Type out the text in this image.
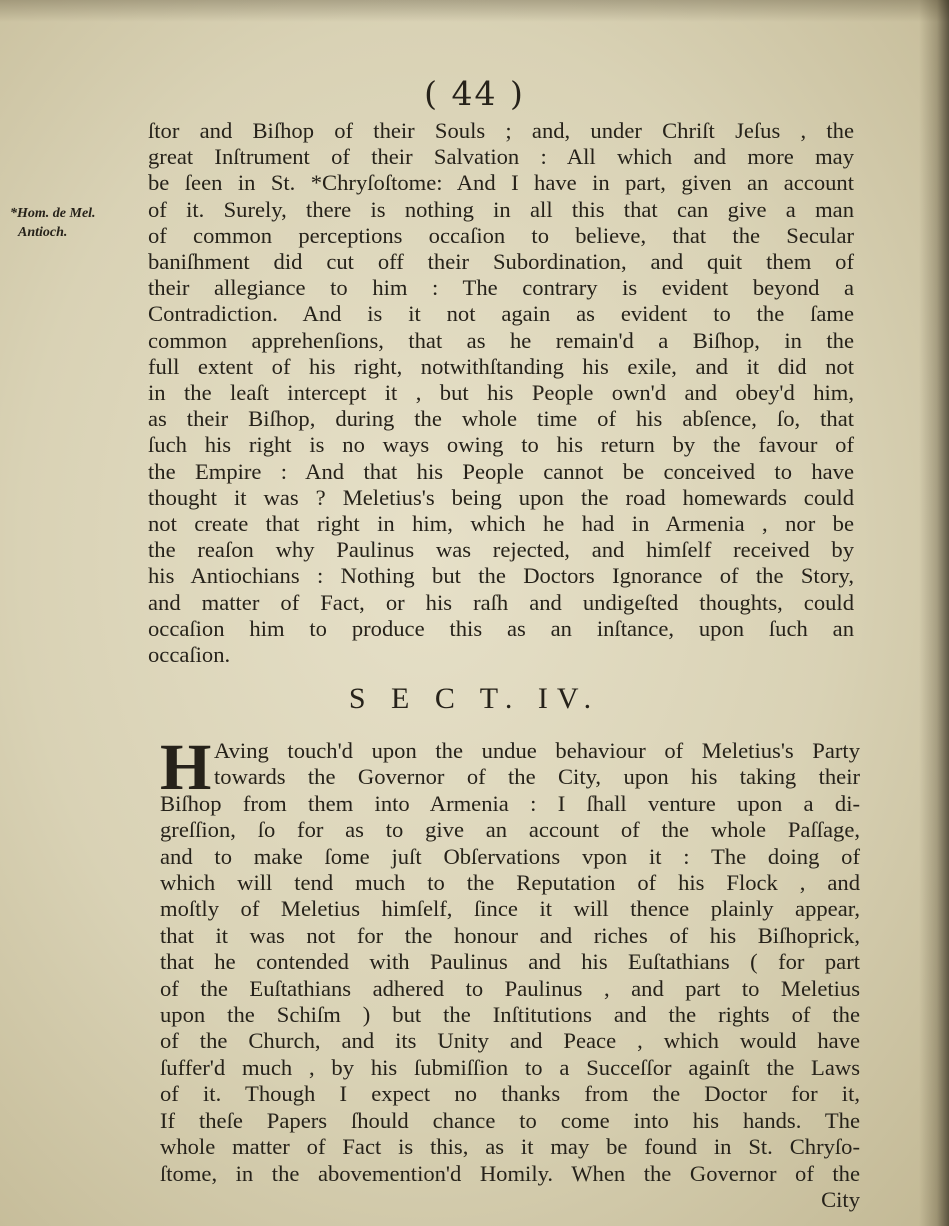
( 44 )
*Hom. de Mel.
Antioch.
ſtor and Biſhop of their Souls ; and, under Chriſt Jeſus , the
great Inſtrument of their Salvation : All which and more may
be ſeen in St. *Chryſoſtome: And I have in part, given an account
of it. Surely, there is nothing in all this that can give a man
of common perceptions occaſion to believe, that the Secular
baniſhment did cut off their Subordination, and quit them of
their allegiance to him : The contrary is evident beyond a
Contradiction. And is it not again as evident to the ſame
common apprehenſions, that as he remain'd a Biſhop, in the
full extent of his right, notwithſtanding his exile, and it did not
in the leaſt intercept it , but his People own'd and obey'd him,
as their Biſhop, during the whole time of his abſence, ſo, that
ſuch his right is no ways owing to his return by the favour of
the Empire : And that his People cannot be conceived to have
thought it was ? Meletius's being upon the road homewards could
not create that right in him, which he had in Armenia , nor be
the reaſon why Paulinus was rejected, and himſelf received by
his Antiochians : Nothing but the Doctors Ignorance of the Story,
and matter of Fact, or his raſh and undigeſted thoughts, could
occaſion him to produce this as an inſtance, upon ſuch an
occaſion.
S E C T. IV.
H Aving touch'd upon the undue behaviour of Meletius's Party
towards the Governor of the City, upon his taking their
Biſhop from them into Armenia : I ſhall venture upon a di-
greſſion, ſo for as to give an account of the whole Paſſage,
and to make ſome juſt Obſervations vpon it : The doing of
which will tend much to the Reputation of his Flock , and
moſtly of Meletius himſelf, ſince it will thence plainly appear,
that it was not for the honour and riches of his Biſhoprick,
that he contended with Paulinus and his Euſtathians ( for part
of the Euſtathians adhered to Paulinus , and part to Meletius
upon the Schiſm ) but the Inſtitutions and the rights of the
of the Church, and its Unity and Peace , which would have
ſuffer'd much , by his ſubmiſſion to a Succeſſor againſt the Laws
of it. Though I expect no thanks from the Doctor for it,
If theſe Papers ſhould chance to come into his hands. The
whole matter of Fact is this, as it may be found in St. Chryſo-
ſtome, in the abovemention'd Homily. When the Governor of the
City
